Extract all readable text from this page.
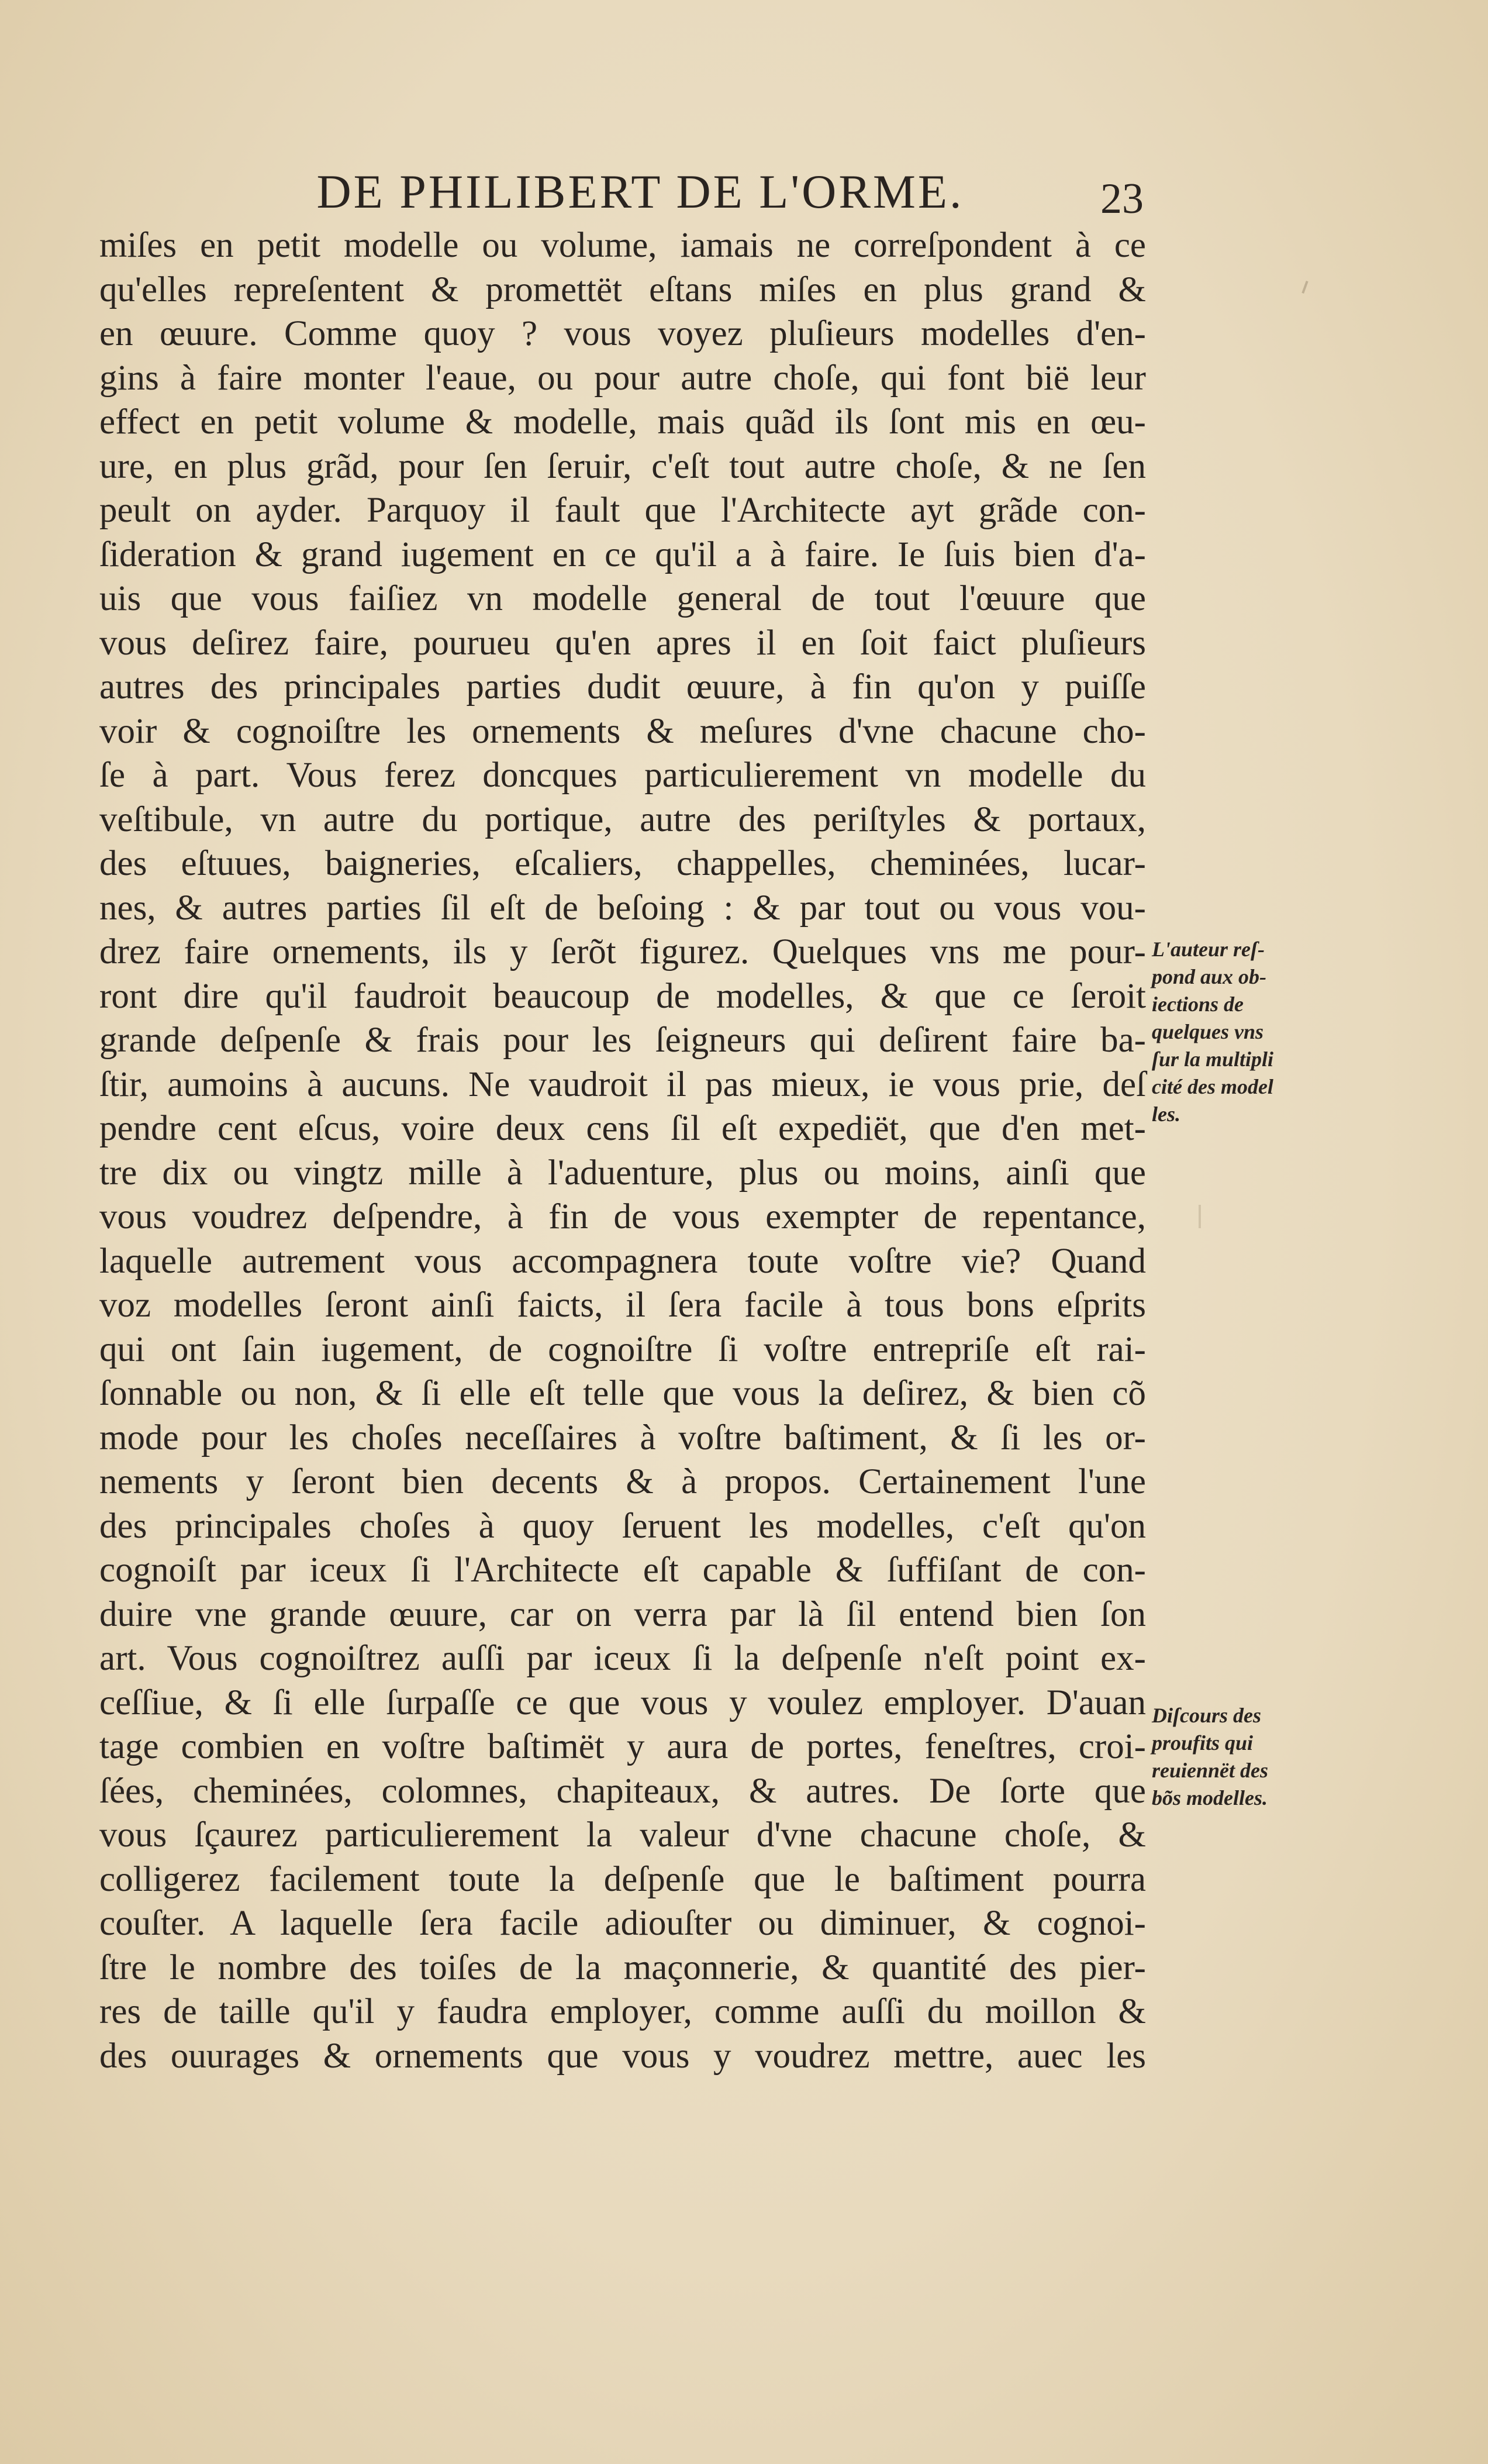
DE PHILIBERT DE L'ORME.	23
miſes en petit modelle ou volume, iamais ne correſpondent à ce
qu'elles repreſentent & promettët eſtans miſes en plus grand &
en œuure. Comme quoy ? vous voyez pluſieurs modelles d'en-
gins à faire monter l'eaue, ou pour autre choſe, qui font bië leur
effect en petit volume & modelle, mais quãd ils ſont mis en œu-
ure, en plus grãd, pour ſen ſeruir, c'eſt tout autre choſe, & ne ſen
peult on ayder. Parquoy il fault que l'Architecte ayt grãde con-
ſideration & grand iugement en ce qu'il a à faire. Ie ſuis bien d'a-
uis que vous faiſiez vn modelle general de tout l'œuure que
vous deſirez faire, pourueu qu'en apres il en ſoit faict pluſieurs
autres des principales parties dudit œuure, à fin qu'on y puiſſe
voir & cognoiſtre les ornements & meſures d'vne chacune cho-
ſe à part. Vous ferez doncques particulierement vn modelle du
veſtibule, vn autre du portique, autre des periſtyles & portaux,
des eſtuues, baigneries, eſcaliers, chappelles, cheminées, lucar-
nes, & autres parties ſil eſt de beſoing : & par tout ou vous vou-
drez faire ornements, ils y ſerõt figurez. Quelques vns me pour-
ront dire qu'il faudroit beaucoup de modelles, & que ce ſeroit
grande deſpenſe & frais pour les ſeigneurs qui deſirent faire ba-
ſtir, aumoins à aucuns. Ne vaudroit il pas mieux, ie vous prie, deſ
pendre cent eſcus, voire deux cens ſil eſt expediët, que d'en met-
tre dix ou vingtz mille à l'aduenture, plus ou moins, ainſi que
vous voudrez deſpendre, à fin de vous exempter de repentance,
laquelle autrement vous accompagnera toute voſtre vie? Quand
voz modelles ſeront ainſi faicts, il ſera facile à tous bons eſprits
qui ont ſain iugement, de cognoiſtre ſi voſtre entrepriſe eſt rai-
ſonnable ou non, & ſi elle eſt telle que vous la deſirez, & bien cõ
mode pour les choſes neceſſaires à voſtre baſtiment, & ſi les or-
nements y ſeront bien decents & à propos. Certainement l'une
des principales choſes à quoy ſeruent les modelles, c'eſt qu'on
cognoiſt par iceux ſi l'Architecte eſt capable & ſuffiſant de con-
duire vne grande œuure, car on verra par là ſil entend bien ſon
art. Vous cognoiſtrez auſſi par iceux ſi la deſpenſe n'eſt point ex-
ceſſiue, & ſi elle ſurpaſſe ce que vous y voulez employer. D'auan
tage combien en voſtre baſtimët y aura de portes, feneſtres, croi-
ſées, cheminées, colomnes, chapiteaux, & autres. De ſorte que
vous ſçaurez particulierement la valeur d'vne chacune choſe, &
colligerez facilement toute la deſpenſe que le baſtiment pourra
couſter. A laquelle ſera facile adiouſter ou diminuer, & cognoi-
ſtre le nombre des toiſes de la maçonnerie, & quantité des pier-
res de taille qu'il y faudra employer, comme auſſi du moillon &
des ouurages & ornements que vous y voudrez mettre, auec les
L'auteur reſ-
pond aux ob-
iections de
quelques vns
ſur la multipli
cité des model
les.
Diſcours des
proufits qui
reuiennët des
bõs modelles.
